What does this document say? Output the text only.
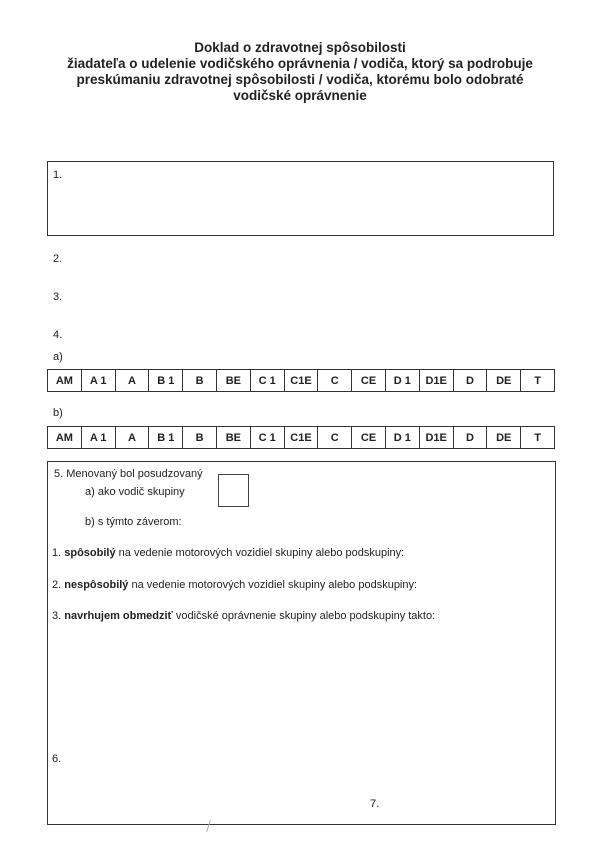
Doklad o zdravotnej spôsobilosti
žiadateľa o udelenie vodičského oprávnenia / vodiča, ktorý sa podrobuje
preskúmaniu zdravotnej spôsobilosti / vodiča, ktorému bolo odobraté
vodičské oprávnenie
1.
2.
3.
4.
a)
AM	A 1	A	B 1	B	BE	C 1	C1E	C	CE	D 1	D1E	D	DE	T
b)
AM	A 1	A	B 1	B	BE	C 1	C1E	C	CE	D 1	D1E	D	DE	T
5. Menovaný bol posudzovaný
a) ako vodič skupiny
b) s týmto záverom:
1. spôsobilý na vedenie motorových vozidiel skupiny alebo podskupiny:
2. nespôsobilý na vedenie motorových vozidiel skupiny alebo podskupiny:
3. navrhujem obmedziť vodičské oprávnenie skupiny alebo podskupiny takto:
6.
7.
